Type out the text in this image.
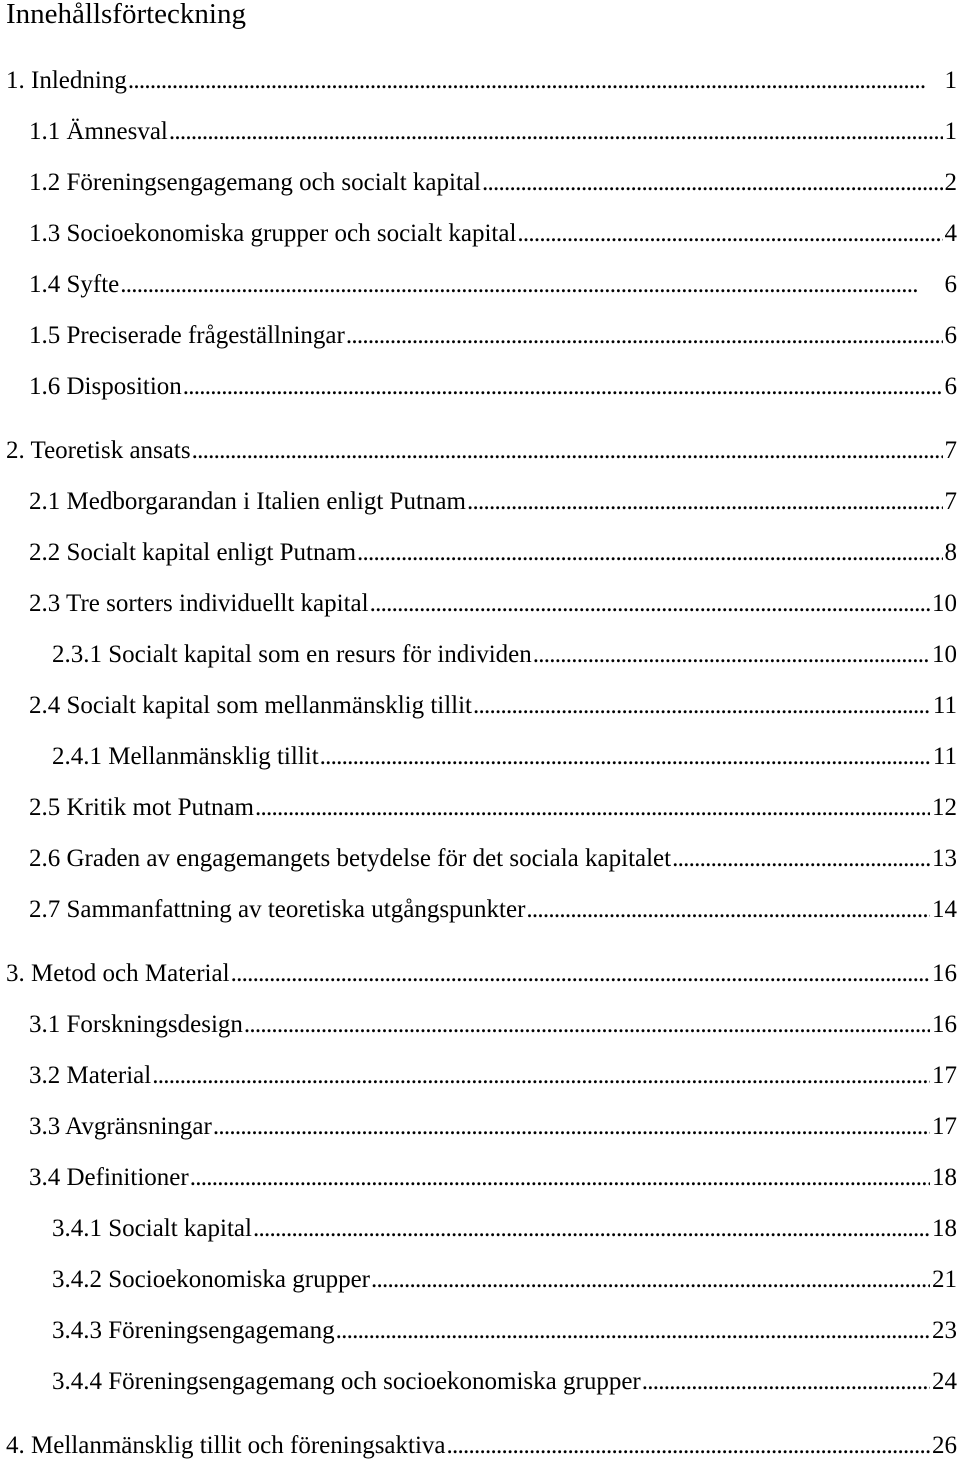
Innehållsförteckning
1. Inledning . . .	1
1.1 Ämnesval . . .	1
1.2 Föreningsengagemang och socialt kapital . . .	2
1.3 Socioekonomiska grupper och socialt kapital . . .	4
1.4 Syfte . . .	6
1.5 Preciserade frågeställningar . . .	6
1.6 Disposition . . .	6
2. Teoretisk ansats . . .	7
2.1 Medborgarandan i Italien enligt Putnam . . .	7
2.2 Socialt kapital enligt Putnam . . .	8
2.3 Tre sorters individuellt kapital . . .	10
2.3.1 Socialt kapital som en resurs för individen . . .	10
2.4 Socialt kapital som mellanmänsklig tillit . . .	11
2.4.1 Mellanmänsklig tillit . . .	11
2.5 Kritik mot Putnam . . .	12
2.6 Graden av engagemangets betydelse för det sociala kapitalet . . .	13
2.7 Sammanfattning av teoretiska utgångspunkter . . .	14
3. Metod och Material . . .	16
3.1 Forskningsdesign . . .	16
3.2 Material . . .	17
3.3 Avgränsningar . . .	17
3.4 Definitioner . . .	18
3.4.1 Socialt kapital . . .	18
3.4.2 Socioekonomiska grupper . . .	21
3.4.3 Föreningsengagemang . . .	23
3.4.4 Föreningsengagemang och socioekonomiska grupper . . .	24
4. Mellanmänsklig tillit och föreningsaktiva . . .	26
